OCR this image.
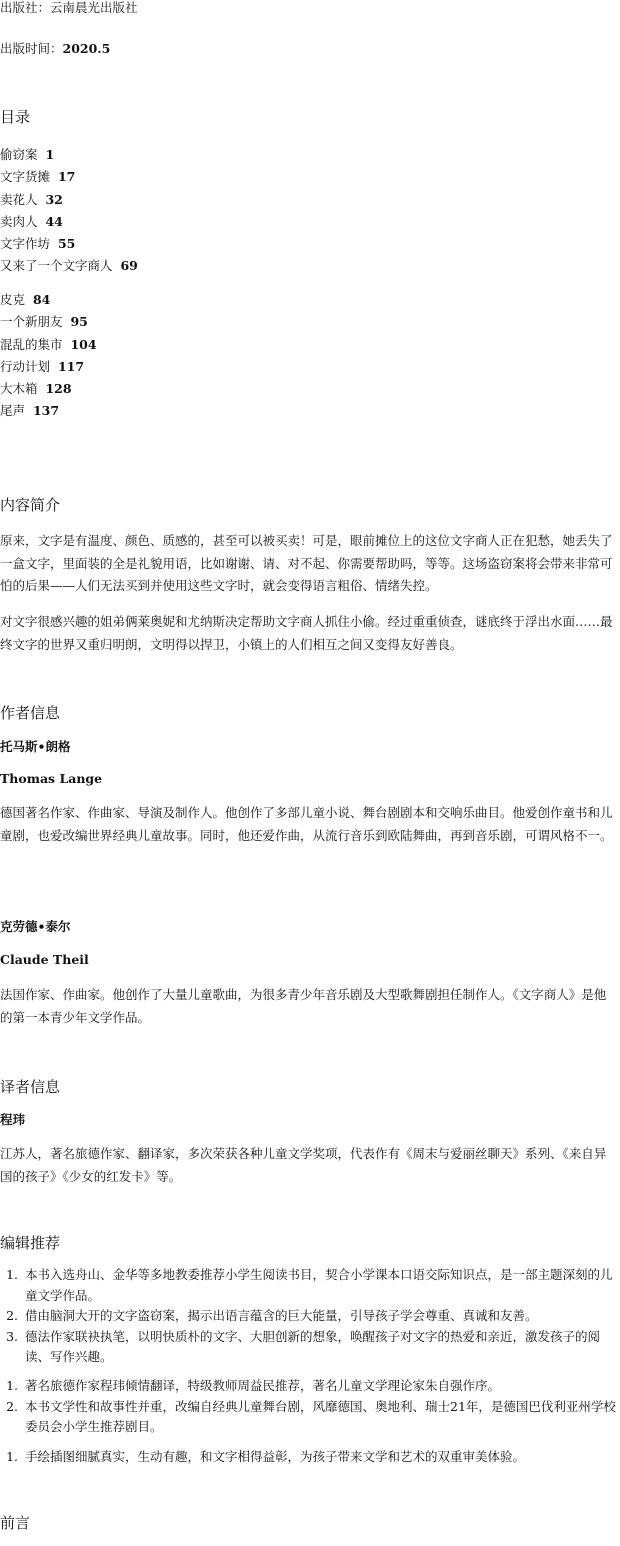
出版社：云南晨光出版社
出版时间：2020.5
目录
偷窃案 1
文字货摊 17
卖花人 32
卖肉人 44
文字作坊 55
又来了一个文字商人 69
皮克 84
一个新朋友 95
混乱的集市 104
行动计划 117
大木箱 128
尾声 137
内容简介
原来，文字是有温度、颜色、质感的，甚至可以被买卖！可是，眼前摊位上的这位文字商人正在犯愁，她丢失了一盒文字，里面装的全是礼貌用语，比如谢谢、请、对不起、你需要帮助吗，等等。这场盗窃案将会带来非常可怕的后果——人们无法买到并使用这些文字时，就会变得语言粗俗、情绪失控。
对文字很感兴趣的姐弟俩莱奥妮和尤纳斯决定帮助文字商人抓住小偷。经过重重侦查，谜底终于浮出水面……最终文字的世界又重归明朗，文明得以捍卫，小镇上的人们相互之间又变得友好善良。
作者信息
托马斯•朗格
Thomas Lange
德国著名作家、作曲家、导演及制作人。他创作了多部儿童小说、舞台剧剧本和交响乐曲目。他爱创作童书和儿童剧，也爱改编世界经典儿童故事。同时，他还爱作曲，从流行音乐到欧陆舞曲，再到音乐剧，可谓风格不一。
克劳德•泰尔
Claude Theil
法国作家、作曲家。他创作了大量儿童歌曲，为很多青少年音乐剧及大型歌舞剧担任制作人。《文字商人》是他的第一本青少年文学作品。
译者信息
程玮
江苏人，著名旅德作家、翻译家，多次荣获各种儿童文学奖项，代表作有《周末与爱丽丝聊天》系列、《来自异国的孩子》《少女的红发卡》等。
编辑推荐
1. 本书入选舟山、金华等多地教委推荐小学生阅读书目，契合小学课本口语交际知识点，是一部主题深刻的儿童文学作品。
2. 借由脑洞大开的文字盗窃案，揭示出语言蕴含的巨大能量，引导孩子学会尊重、真诚和友善。
3. 德法作家联袂执笔，以明快质朴的文字、大胆创新的想象，唤醒孩子对文字的热爱和亲近，激发孩子的阅读、写作兴趣。
1. 著名旅德作家程玮倾情翻译，特级教师周益民推荐，著名儿童文学理论家朱自强作序。
2. 本书文学性和故事性并重，改编自经典儿童舞台剧，风靡德国、奥地利、瑞士21年，是德国巴伐利亚州学校委员会小学生推荐剧目。
1. 手绘插图细腻真实，生动有趣，和文字相得益彰，为孩子带来文学和艺术的双重审美体验。
前言
